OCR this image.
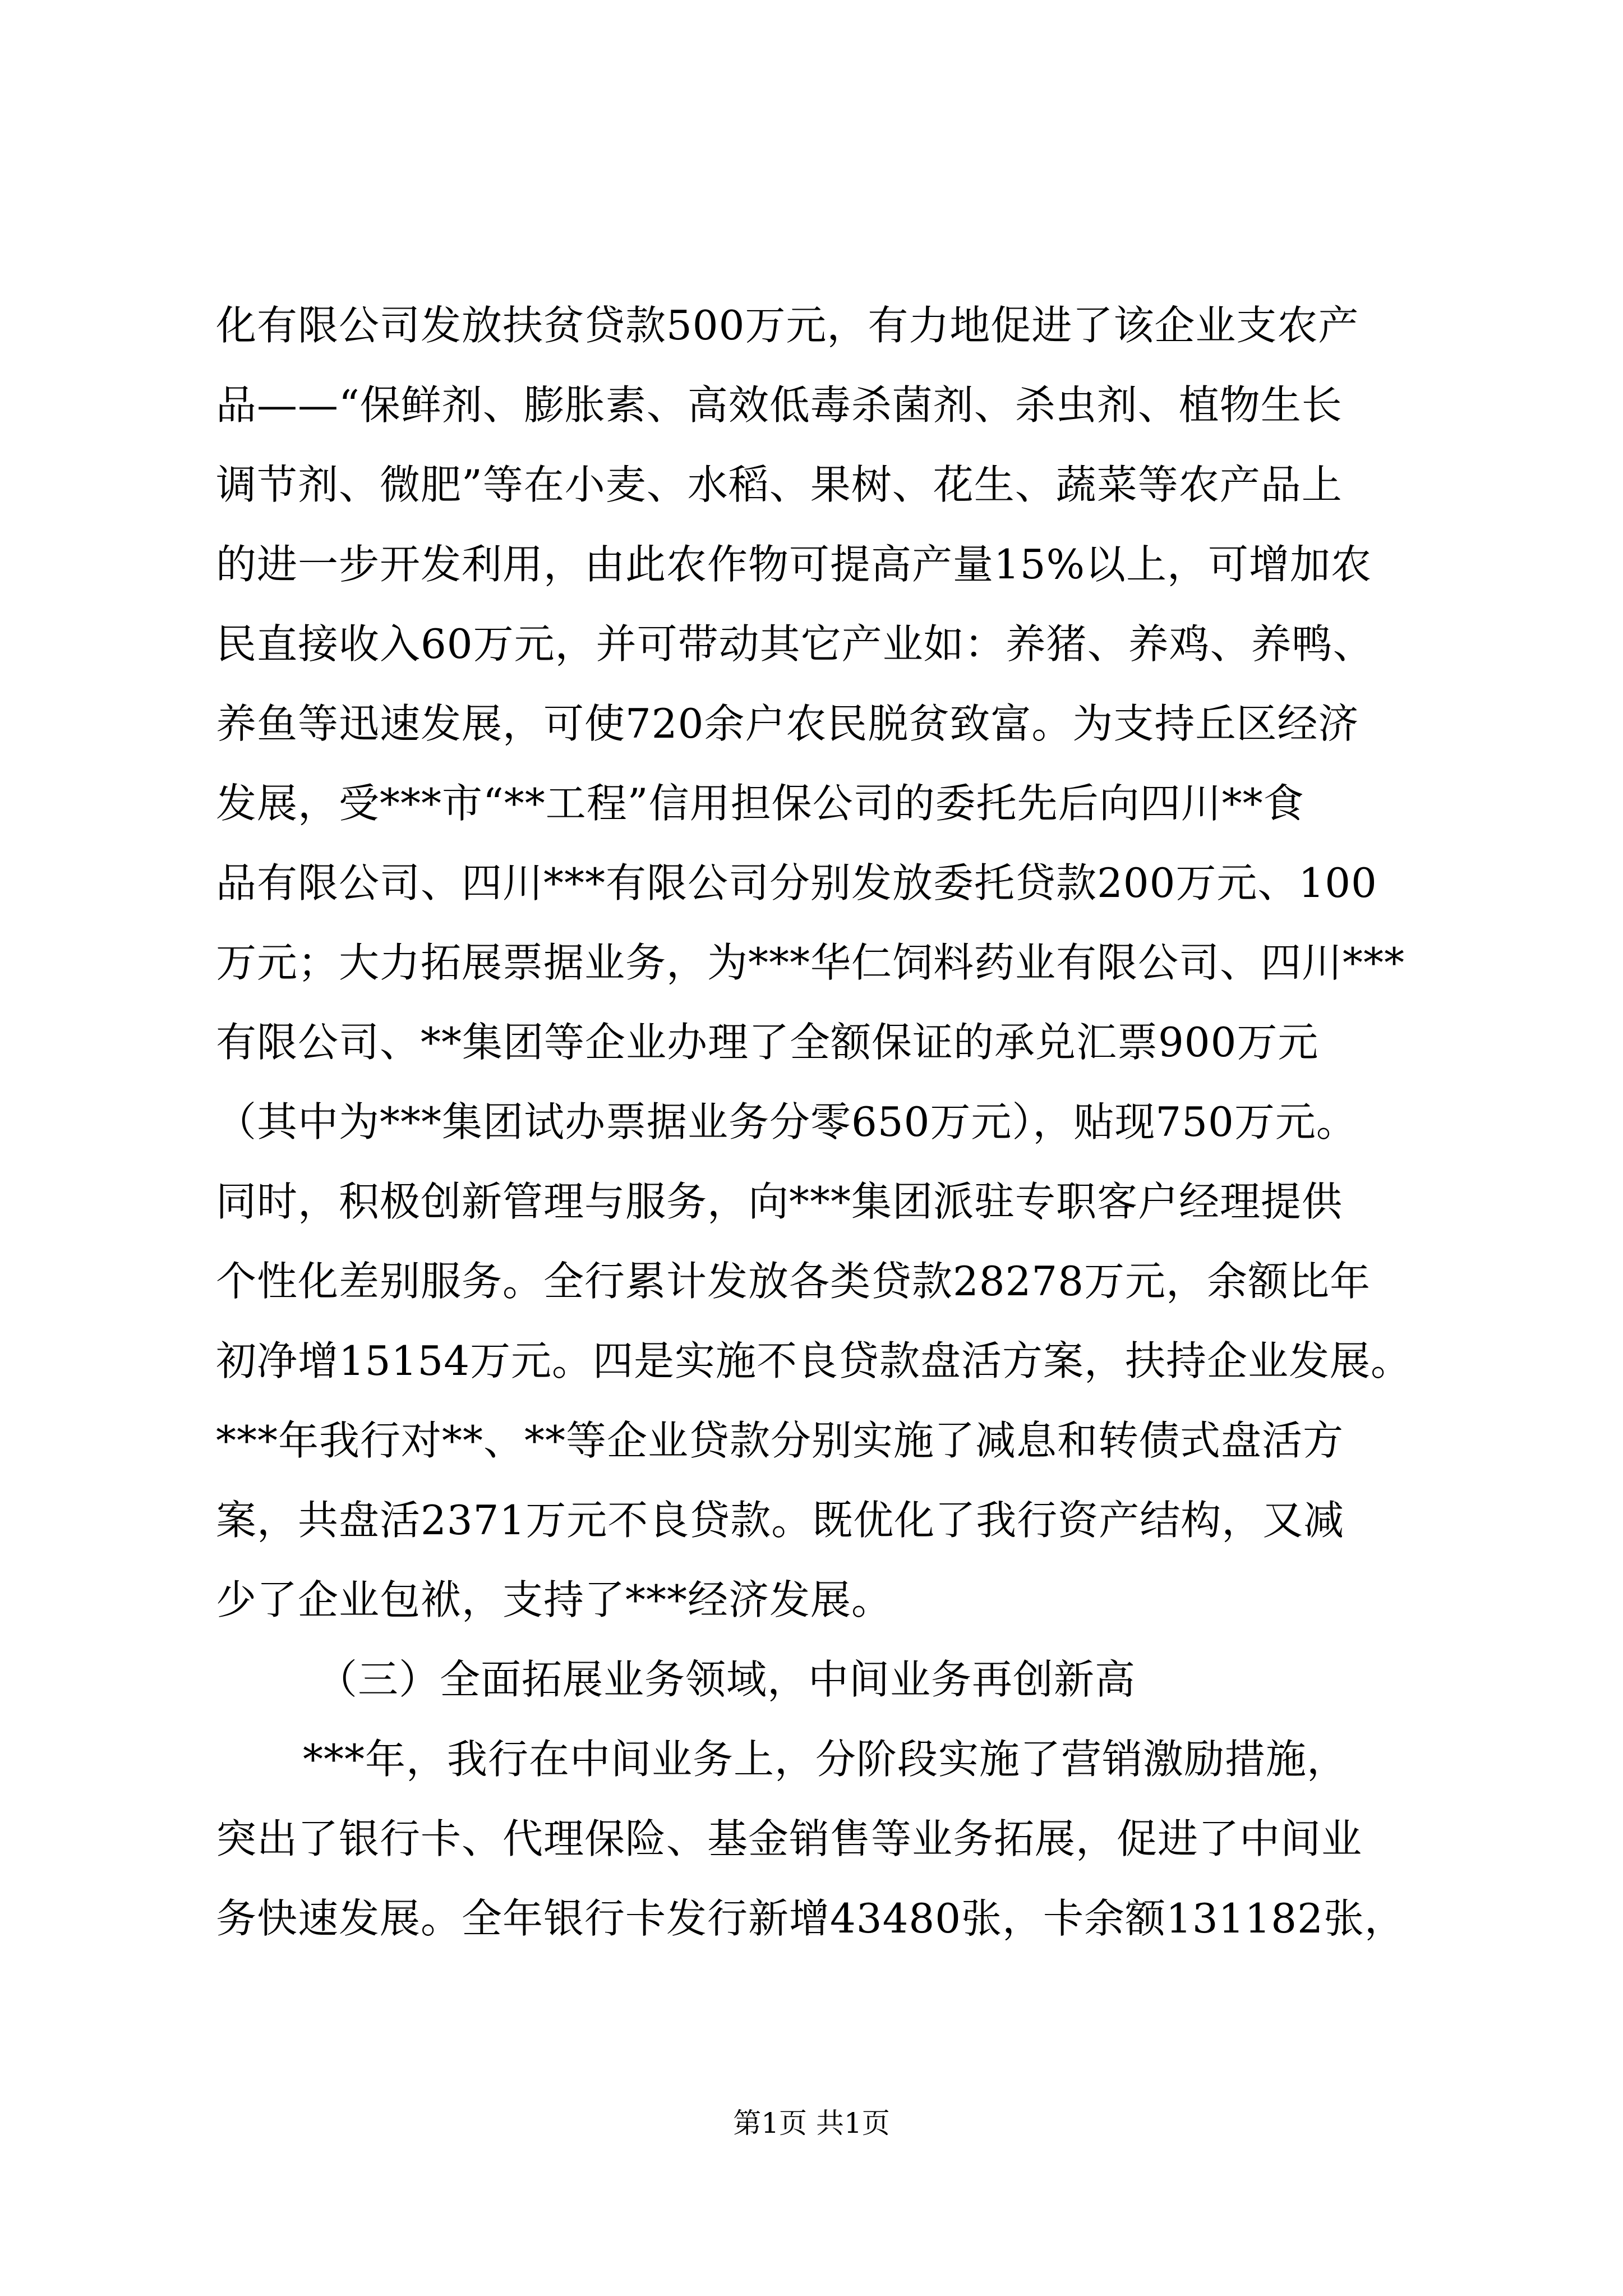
化有限公司发放扶贫贷款500万元，有力地促进了该企业支农产
品——“保鲜剂、膨胀素、高效低毒杀菌剂、杀虫剂、植物生长
调节剂、微肥”等在小麦、水稻、果树、花生、蔬菜等农产品上
的进一步开发利用，由此农作物可提高产量15%以上，可增加农
民直接收入60万元，并可带动其它产业如：养猪、养鸡、养鸭、
养鱼等迅速发展，可使720余户农民脱贫致富。为支持丘区经济
发展，受***市“**工程”信用担保公司的委托先后向四川**食
品有限公司、四川***有限公司分别发放委托贷款200万元、100
万元；大力拓展票据业务，为***华仁饲料药业有限公司、四川***
有限公司、**集团等企业办理了全额保证的承兑汇票900万元
（其中为***集团试办票据业务分零650万元），贴现750万元。
同时，积极创新管理与服务，向***集团派驻专职客户经理提供
个性化差别服务。全行累计发放各类贷款28278万元，余额比年
初净增15154万元。四是实施不良贷款盘活方案，扶持企业发展。
***年我行对**、**等企业贷款分别实施了减息和转债式盘活方
案，共盘活2371万元不良贷款。既优化了我行资产结构，又减
少了企业包袱，支持了***经济发展。
（三）全面拓展业务领域，中间业务再创新高
***年，我行在中间业务上，分阶段实施了营销激励措施，
突出了银行卡、代理保险、基金销售等业务拓展，促进了中间业
务快速发展。全年银行卡发行新增43480张，卡余额131182张，
第1页 共1页
